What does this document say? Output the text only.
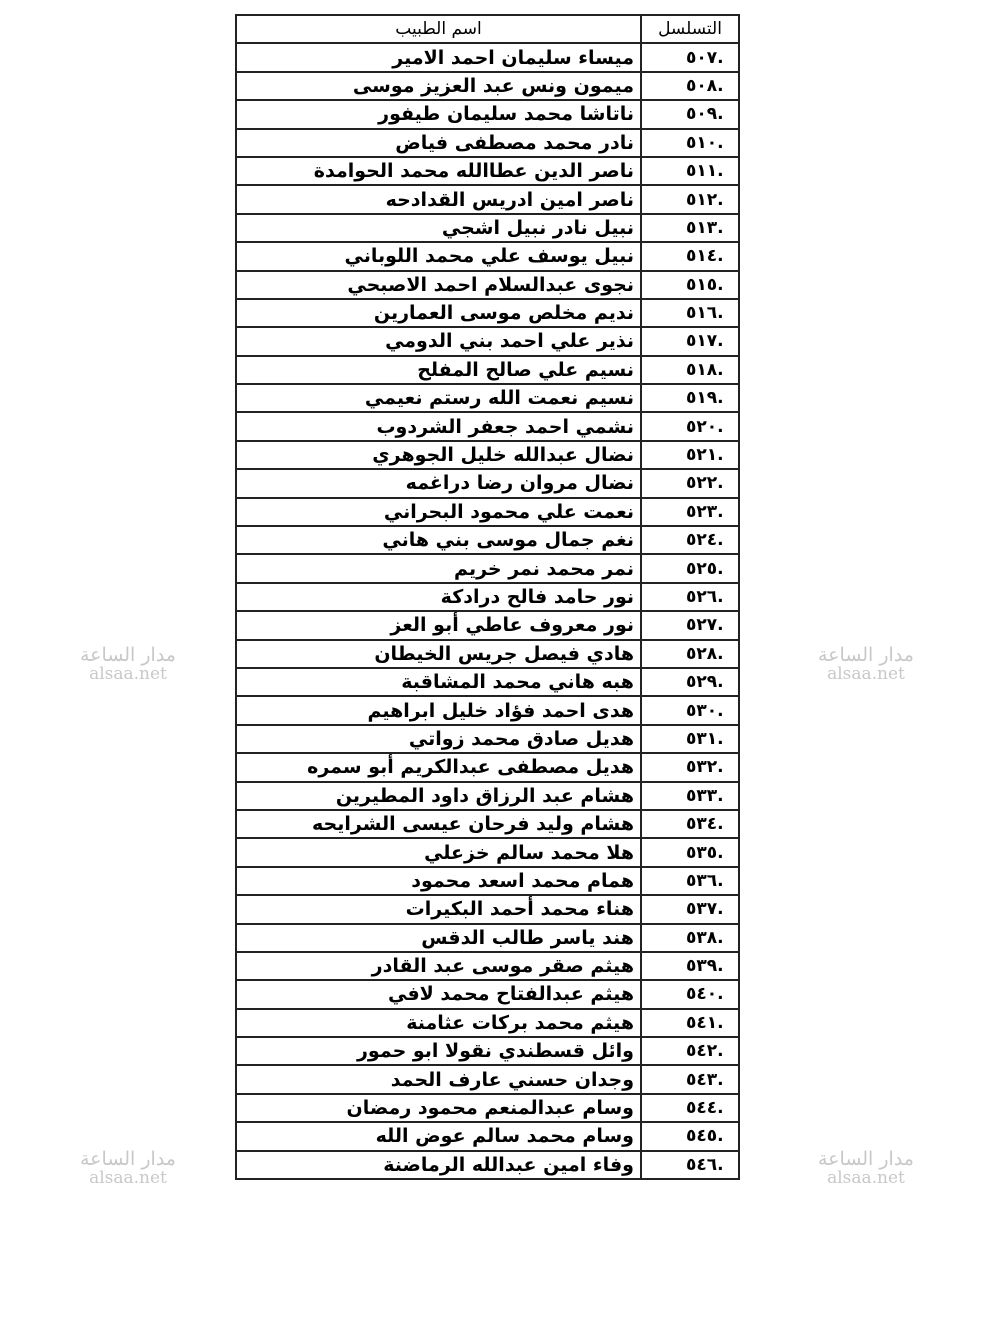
التسلسل	اسم الطبيب
٥٠٧.	ميساء سليمان احمد الامير
٥٠٨.	ميمون ونس عبد العزيز موسى
٥٠٩.	ناتاشا محمد سليمان طيفور
٥١٠.	نادر محمد مصطفى فياض
٥١١.	ناصر الدين عطاالله محمد الحوامدة
٥١٢.	ناصر امين ادريس القدادحه
٥١٣.	نبيل نادر نبيل اشجي
٥١٤.	نبيل يوسف علي محمد اللوباني
٥١٥.	نجوى عبدالسلام احمد الاصبحي
٥١٦.	نديم مخلص موسى العمارين
٥١٧.	نذير علي احمد بني الدومي
٥١٨.	نسيم علي صالح المفلح
٥١٩.	نسيم نعمت الله رستم نعيمي
٥٢٠.	نشمي احمد جعفر الشردوب
٥٢١.	نضال عبدالله خليل الجوهري
٥٢٢.	نضال مروان رضا دراغمه
٥٢٣.	نعمت علي محمود البحراني
٥٢٤.	نغم جمال موسى بني هاني
٥٢٥.	نمر محمد نمر خريم
٥٢٦.	نور حامد فالح درادكة
٥٢٧.	نور معروف عاطي أبو العز
٥٢٨.	هادي فيصل جريس الخيطان
٥٢٩.	هبه هاني محمد المشاقبة
٥٣٠.	هدى احمد فؤاد خليل ابراهيم
٥٣١.	هديل صادق محمد زواتي
٥٣٢.	هديل مصطفى عبدالكريم أبو سمره
٥٣٣.	هشام عبد الرزاق داود المطيرين
٥٣٤.	هشام وليد فرحان عيسى الشرايحه
٥٣٥.	هلا محمد سالم خزعلي
٥٣٦.	همام محمد اسعد محمود
٥٣٧.	هناء محمد أحمد البكيرات
٥٣٨.	هند ياسر طالب الدقس
٥٣٩.	هيثم صقر موسى عبد القادر
٥٤٠.	هيثم عبدالفتاح محمد لافي
٥٤١.	هيثم محمد بركات عثامنة
٥٤٢.	وائل قسطندي نقولا ابو حمور
٥٤٣.	وجدان حسني عارف الحمد
٥٤٤.	وسام عبدالمنعم محمود رمضان
٥٤٥.	وسام محمد سالم عوض الله
٥٤٦.	وفاء امين عبدالله الرماضنة
مدار الساعة
alsaa.net
مدار الساعة
alsaa.net
مدار الساعة
alsaa.net
مدار الساعة
alsaa.net
